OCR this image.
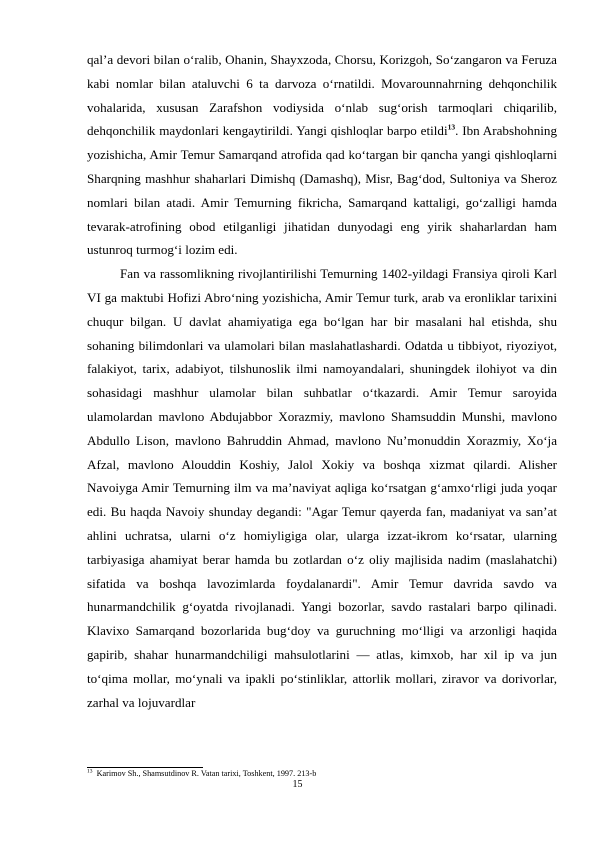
qalʼa devori bilan oʻralib, Ohanin, Shayxzoda, Chorsu, Korizgoh, Soʻzangaron va Feruza kabi nomlar bilan ataluvchi 6 ta darvoza oʻrnatildi. Movarounnahrning dehqonchilik vohalarida, xususan Zarafshon vodiysida oʻnlab sugʻorish tarmoqlari chiqarilib, dehqonchilik maydonlari kengaytirildi. Yangi qishloqlar barpo etildi$^{13}$. Ibn Arabshohning yozishicha, Amir Temur Samarqand atrofida qad koʻtargan bir qancha yangi qishloqlarni Sharqning mashhur shaharlari Dimishq (Damashq), Misr, Bagʻdod, Sultoniya va Sheroz nomlari bilan atadi. Amir Temurning fikricha, Samarqand kattaligi, goʻzalligi hamda tevarak-atrofining obod etilganligi jihatidan dunyodagi eng yirik shaharlardan ham ustunroq turmogʻi lozim edi.

Fan va rassomlikning rivojlantirilishi Temurning 1402-yildagi Fransiya qiroli Karl VI ga maktubi Hofizi Abroʻning yozishicha, Amir Temur turk, arab va eronliklar tarixini chuqur bilgan. U davlat ahamiyatiga ega boʻlgan har bir masalani hal etishda, shu sohaning bilimdonlari va ulamolari bilan maslahatlashardi. Odatda u tibbiyot, riyoziyot, falakiyot, tarix, adabiyot, tilshunoslik ilmi namoyandalari, shuningdek ilohiyot va din sohasidagi mashhur ulamolar bilan suhbatlar oʻtkazardi. Amir Temur saroyida ulamolardan mavlono Abdujabbor Xorazmiy, mavlono Shamsuddin Munshi, mavlono Abdullo Lison, mavlono Bahruddin Ahmad, mavlono Nuʼmonuddin Xorazmiy, Xoʻja Afzal, mavlono Alouddin Koshiy, Jalol Xokiy va boshqa xizmat qilardi. Alisher Navoiyga Amir Temurning ilm va maʼnaviyat aqliga koʻrsatgan gʻamxoʻrligi juda yoqar edi. Bu haqda Navoiy shunday degandi: "Agar Temur qayerda fan, madaniyat va sanʼat ahlini uchratsa, ularni oʻz homiyligiga olar, ularga izzat-ikrom koʻrsatar, ularning tarbiyasiga ahamiyat berar hamda bu zotlardan oʻz oliy majlisida nadim (maslahatchi) sifatida va boshqa lavozimlarda foydalanardi". Amir Temur davrida savdo va hunarmandchilik gʻoyatda rivojlanadi. Yangi bozorlar, savdo rastalari barpo qilinadi. Klavixo Samarqand bozorlarida bugʻdoy va guruchning moʻlligi va arzonligi haqida gapirib, shahar hunarmandchiligi mahsulotlarini — atlas, kimxob, har xil ip va jun toʻqima mollar, moʻynali va ipakli poʻstinliklar, attorlik mollari, ziravor va dorivorlar, zarhal va lojuvardlar

$^{13}$ Karimov Sh., Shamsutdinov R. Vatan tarixi, Toshkent, 1997. 213-b
15
